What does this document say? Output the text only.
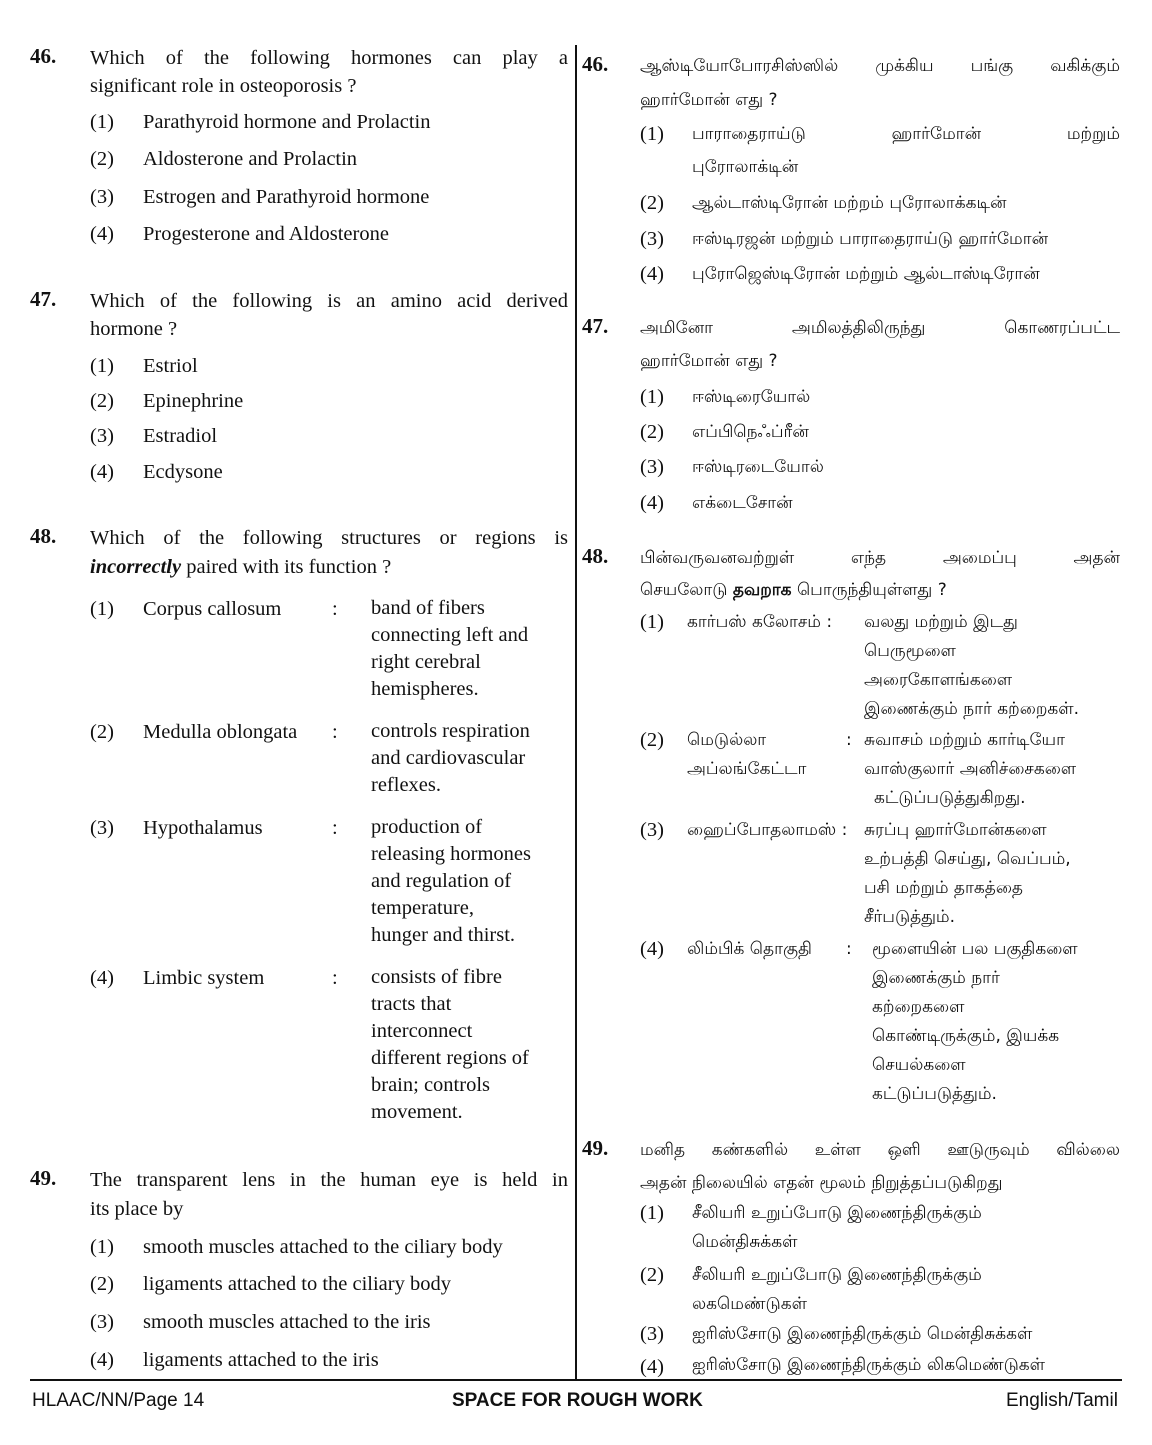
46. Which of the following hormones can play a
significant role in osteoporosis ?
(1) Parathyroid hormone and Prolactin
(2) Aldosterone and Prolactin
(3) Estrogen and Parathyroid hormone
(4) Progesterone and Aldosterone
47. Which of the following is an amino acid derived
hormone ?
(1) Estriol
(2) Epinephrine
(3) Estradiol
(4) Ecdysone
48. Which of the following structures or regions is
incorrectly paired with its function ?
(1) Corpus callosum : band of fibers
connecting left and
right cerebral
hemispheres.
(2) Medulla oblongata : controls respiration
and cardiovascular
reflexes.
(3) Hypothalamus	: production of
releasing hormones
and regulation of
temperature,
hunger and thirst.
(4) Limbic system	: consists of fibre
tracts that
interconnect
different regions of
brain; controls
movement.
49. The transparent lens in the human eye is held in
its place by
(1) smooth muscles attached to the ciliary body
(2) ligaments attached to the ciliary body
(3) smooth muscles attached to the iris
(4) ligaments attached to the iris
46. ஆஸ்டியோபோரசிஸ்ஸில் முக்கிய பங்கு வகிக்கும்
ஹார்மோன் எது ?
(1) பாராதைராய்டு ஹார்மோன் மற்றும்
புரோலாக்டின்
(2) ஆல்டாஸ்டிரோன் மற்றம் புரோலாக்கடின்
(3) ஈஸ்டிரஜன் மற்றும் பாராதைராய்டு ஹார்மோன்
(4) புரோஜெஸ்டிரோன் மற்றும் ஆல்டாஸ்டிரோன்
47. அமினோ அமிலத்திலிருந்து கொணரப்பட்ட
ஹார்மோன் எது ?
(1) ஈஸ்டிரையோல்
(2) எப்பிநெஃப்ரீன்
(3) ஈஸ்டிரடையோல்
(4) எக்டைசோன்
48. பின்வருவனவற்றுள் எந்த அமைப்பு அதன்
செயலோடு தவறாக பொருந்தியுள்ளது ?
(1) கார்பஸ் கலோசம் : வலது மற்றும் இடது
பெருமூளை
அரைகோளங்களை
இணைக்கும் நார் கற்றைகள்.
(2) மெடுல்லா
அப்லங்கேட்டா
: சுவாசம் மற்றும் கார்டியோ
வாஸ்குலார் அனிச்சைகளை
கட்டுப்படுத்துகிறது.
(3) ஹைப்போதலாமஸ் : சுரப்பு ஹார்மோன்களை
உற்பத்தி செய்து, வெப்பம்,
பசி மற்றும் தாகத்தை
சீர்படுத்தும்.
(4) லிம்பிக் தொகுதி : மூளையின் பல பகுதிகளை
இணைக்கும் நார்
கற்றைகளை
கொண்டிருக்கும், இயக்க
செயல்களை
கட்டுப்படுத்தும்.
49. மனித கண்களில் உள்ள ஒளி ஊடுருவும் வில்லை
அதன் நிலையில் எதன் மூலம் நிறுத்தப்படுகிறது
(1) சீலியரி உறுப்போடு இணைந்திருக்கும்
மென்திசுக்கள்
(2) சீலியரி உறுப்போடு இணைந்திருக்கும்
லகமெண்டுகள்
(3) ஐரிஸ்சோடு இணைந்திருக்கும் மென்திசுக்கள்
(4) ஐரிஸ்சோடு இணைந்திருக்கும் லிகமெண்டுகள்
HLAAC/NN/Page 14	SPACE FOR ROUGH WORK	English/Tamil
